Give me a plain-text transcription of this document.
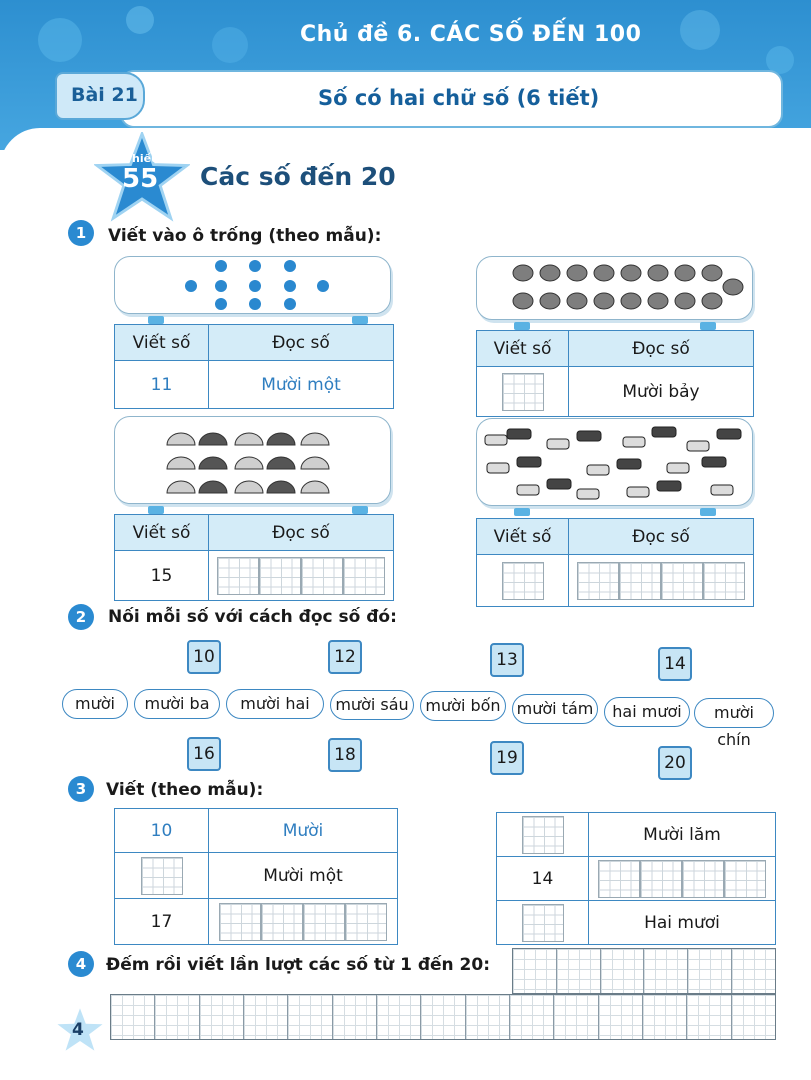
Chủ đề 6. CÁC SỐ ĐẾN 100
Bài 21	Số có hai chữ số (6 tiết)
Phiếu
55 Các số đến 20
1	Viết vào ô trống (theo mẫu):
Viết số	Đọc số
11	Mười một
Viết số	Đọc số
	Mười bảy
Viết số	Đọc số
15	
Viết số	Đọc số

2	Nối mỗi số với cách đọc số đó:
10	12	13	14
mười	mười ba	mười hai	mười sáu	mười bốn	mười tám	hai mươi	mười chín
16	18	19	20
3	Viết (theo mẫu):
10	Mười
	Mười một
17	
	Mười lăm
14	
	Hai mươi
4	Đếm rồi viết lần lượt các số từ 1 đến 20:
4
